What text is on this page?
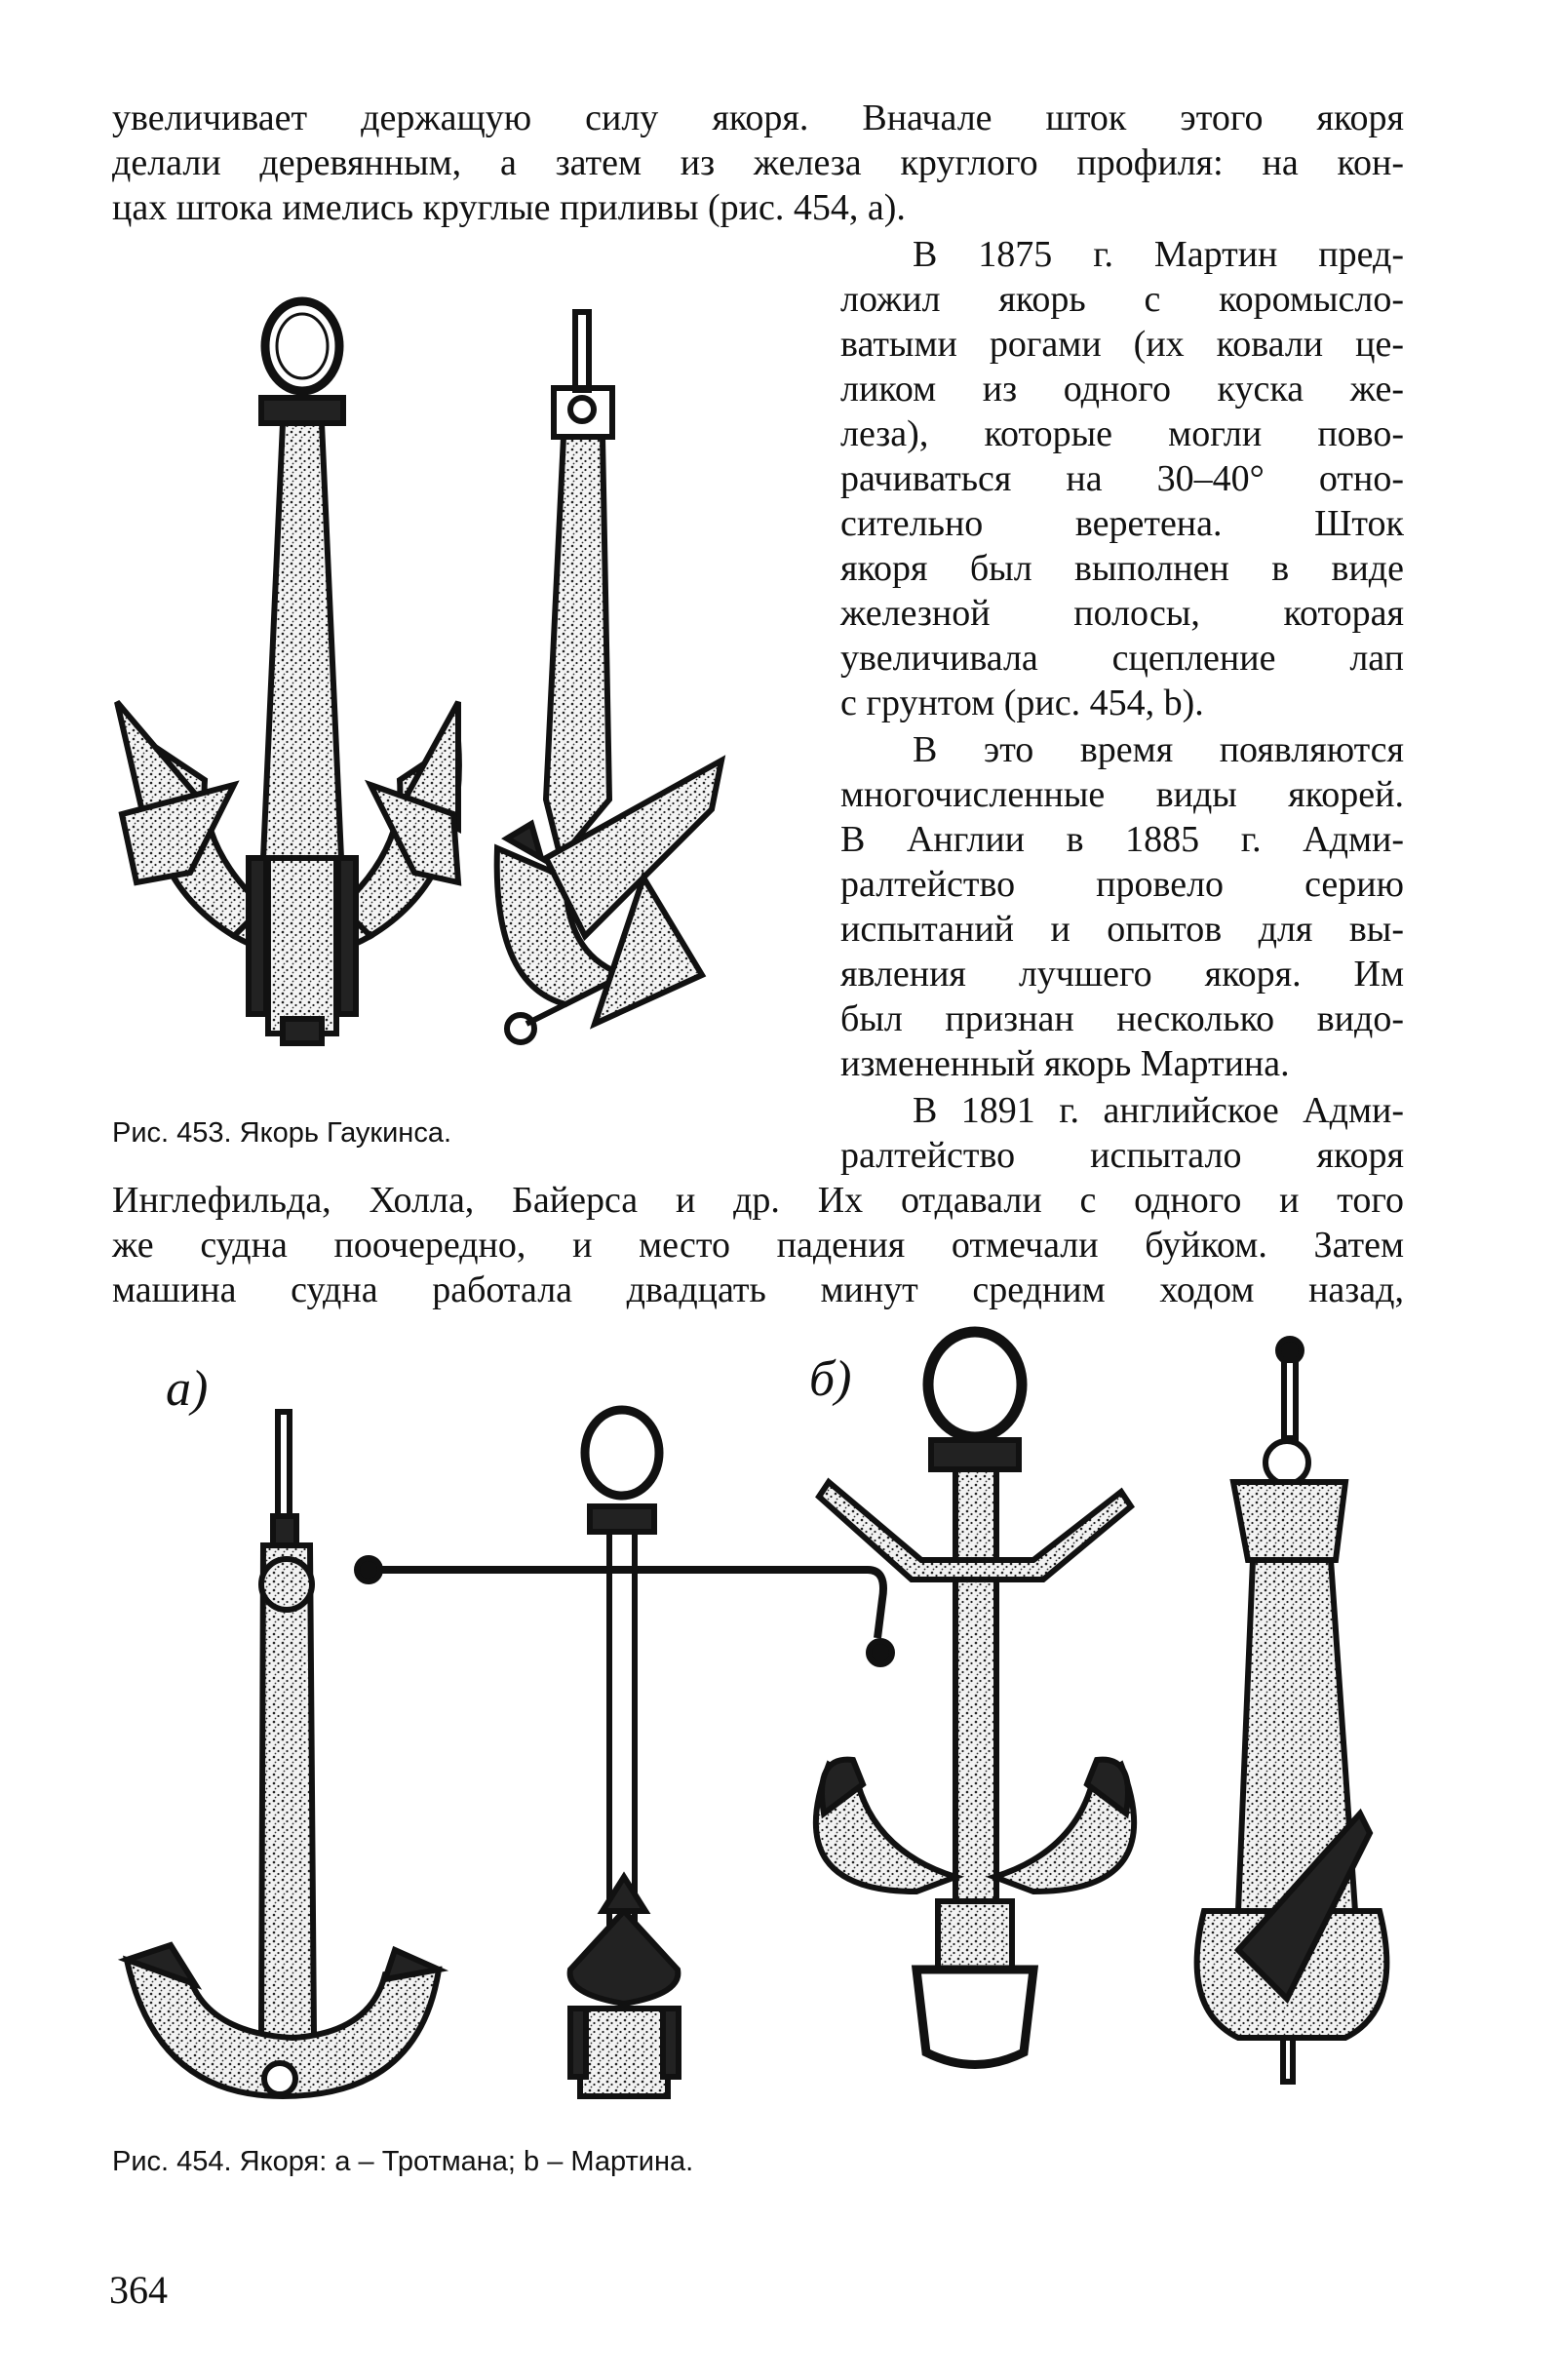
увеличивает держащую силу якоря. Вначале шток этого якоря
делали деревянным, а затем из железа круглого профиля: на кон-
цах штока имелись круглые приливы (рис. 454, а).
В 1875 г. Мартин пред-
ложил якорь с коромысло-
ватыми рогами (их ковали це-
ликом из одного куска же-
леза), которые могли пово-
рачиваться на 30–40° отно-
сительно веретена. Шток
якоря был выполнен в виде
железной полосы, которая
увеличивала сцепление лап
с грунтом (рис. 454, b).
В это время появляются
многочисленные виды якорей.
В Англии в 1885 г. Адми-
ралтейство провело серию
испытаний и опытов для вы-
явления лучшего якоря. Им
был признан несколько видо-
измененный якорь Мартина.
В 1891 г. английское Адми-
ралтейство испытало якоря
Инглефильда, Холла, Байерса и др. Их отдавали с одного и того
же судна поочередно, и место падения отмечали буйком. Затем
машина судна работала двадцать минут средним ходом назад,
Рис. 453. Якорь Гаукинса.
a)	б)
Рис. 454. Якоря: а – Тротмана; b – Мартина.
364
